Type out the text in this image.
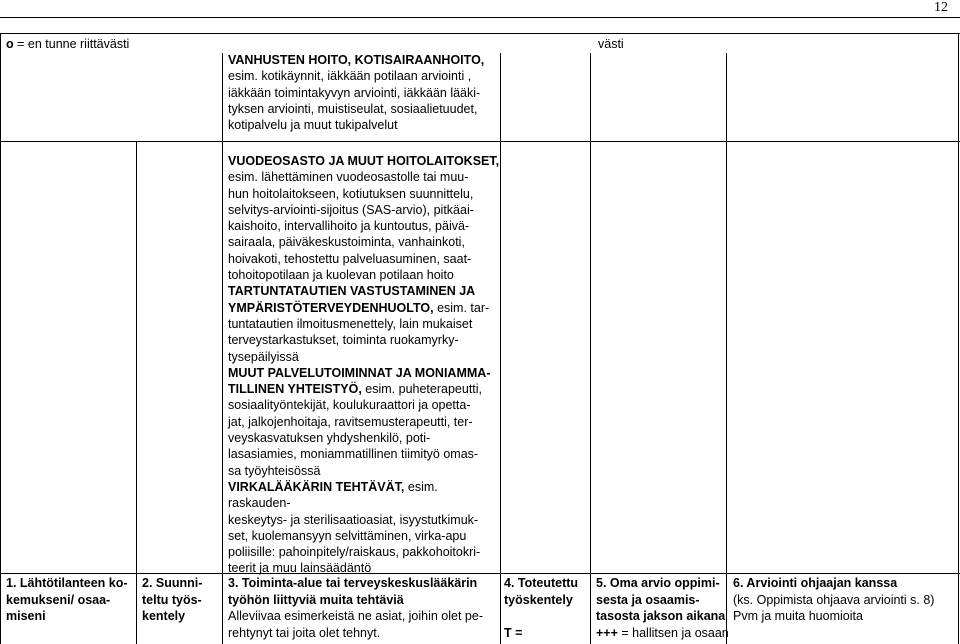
12
o = en tunne riittävästi	västi

VANHUSTEN HOITO, KOTISAIRAANHOITO,

esim. kotikäynnit, iäkkään potilaan arviointi ,

iäkkään toimintakyvyn arviointi, iäkkään lääki-

tyksen arviointi, muistiseulat, sosiaalietuudet,

kotipalvelu ja muut tukipalvelut

VUODEOSASTO JA MUUT HOITOLAITOKSET,

esim. lähettäminen vuodeosastolle tai muu-

hun hoitolaitokseen, kotiutuksen suunnittelu,

selvitys-arviointi-sijoitus (SAS-arvio), pitkäai-

kaishoito, intervallihoito ja kuntoutus, päivä-

sairaala, päiväkeskustoiminta, vanhainkoti,

hoivakoti, tehostettu palveluasuminen, saat-

tohoitopotilaan ja kuolevan potilaan hoito

TARTUNTATAUTIEN VASTUSTAMINEN JA

YMPÄRISTÖTERVEYDENHUOLTO, esim. tar-

tuntatautien ilmoitusmenettely, lain mukaiset

terveystarkastukset, toiminta ruokamyrky-

tysepäilyissä

MUUT PALVELUTOIMINNAT JA MONIAMMA-

TILLINEN YHTEISTYÖ, esim. puheterapeutti,

sosiaalityöntekijät, koulukuraattori ja opetta-

jat, jalkojenhoitaja, ravitsemusterapeutti, ter-

veyskasvatuksen yhdyshenkilö, poti-

lasasiamies, moniammatillinen tiimityö omas-

sa työyhteisössä

VIRKALÄÄKÄRIN TEHTÄVÄT, esim. raskauden-

keskeytys- ja sterilisaatioasiat, isyystutkimuk-

set, kuolemansyyn selvittäminen, virka-apu

poliisille: pahoinpitely/raiskaus, pakkohoitokri-

teerit ja muu lainsäädäntö

1. Lähtötilanteen ko-
kemukseni/ osaa-
miseni
2. Suunni-
teltu työs-
kentely
3. Toiminta-alue tai terveyskeskuslääkärin
työhön liittyviä muita tehtäviä
Alleviivaa esimerkeistä ne asiat, joihin olet pe-
rehtynyt tai joita olet tehnyt.
4. Toteutettu
työskentely
T =
5. Oma arvio oppimi-
sesta ja osaamis-
tasosta jakson aikana
+++ = hallitsen ja osaan
6. Arviointi ohjaajan kanssa
(ks. Oppimista ohjaava arviointi s. 8)
Pvm ja muita huomioita
